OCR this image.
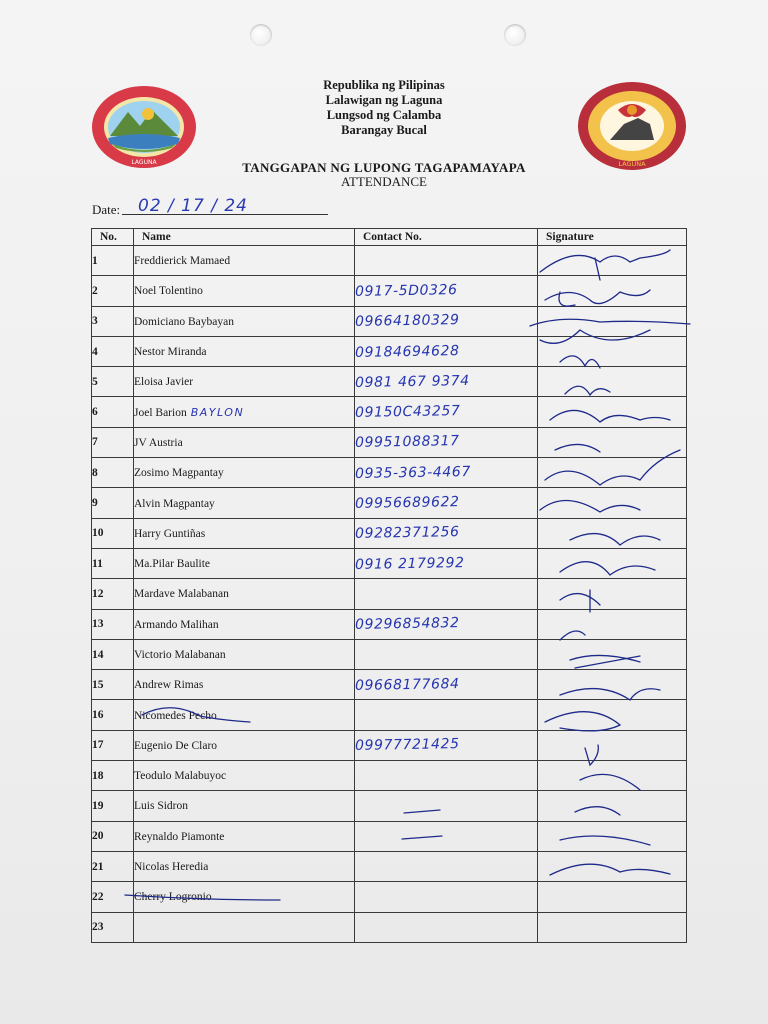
LAGUNA	LAGUNA
Republika ng Pilipinas
Lalawigan ng Laguna
Lungsod ng Calamba
Barangay Bucal
TANGGAPAN NG LUPONG TAGAPAMAYAPA
ATTENDANCE
Date: 02 / 17 / 24
No.	Name	Contact No.	Signature
1	Freddierick Mamaed		
2	Noel Tolentino	0917-5D0326	
3	Domiciano Baybayan	09664180329	
4	Nestor Miranda	09184694628	
5	Eloisa Javier	0981 467 9374	
6	Joel Barion BAYLON	09150C43257	
7	JV Austria	09951088317	
8	Zosimo Magpantay	0935-363-4467	
9	Alvin Magpantay	09956689622	
10	Harry Guntiñas	09282371256	
11	Ma.Pilar Baulite	0916 2179292	
12	Mardave Malabanan		
13	Armando Malihan	09296854832	
14	Victorio Malabanan		
15	Andrew Rimas	09668177684	
16	Nicomedes Pecho		
17	Eugenio De Claro	09977721425	
18	Teodulo Malabuyoc		
19	Luis Sidron		
20	Reynaldo Piamonte		
21	Nicolas Heredia		
22	Cherry Logronio		
23			
